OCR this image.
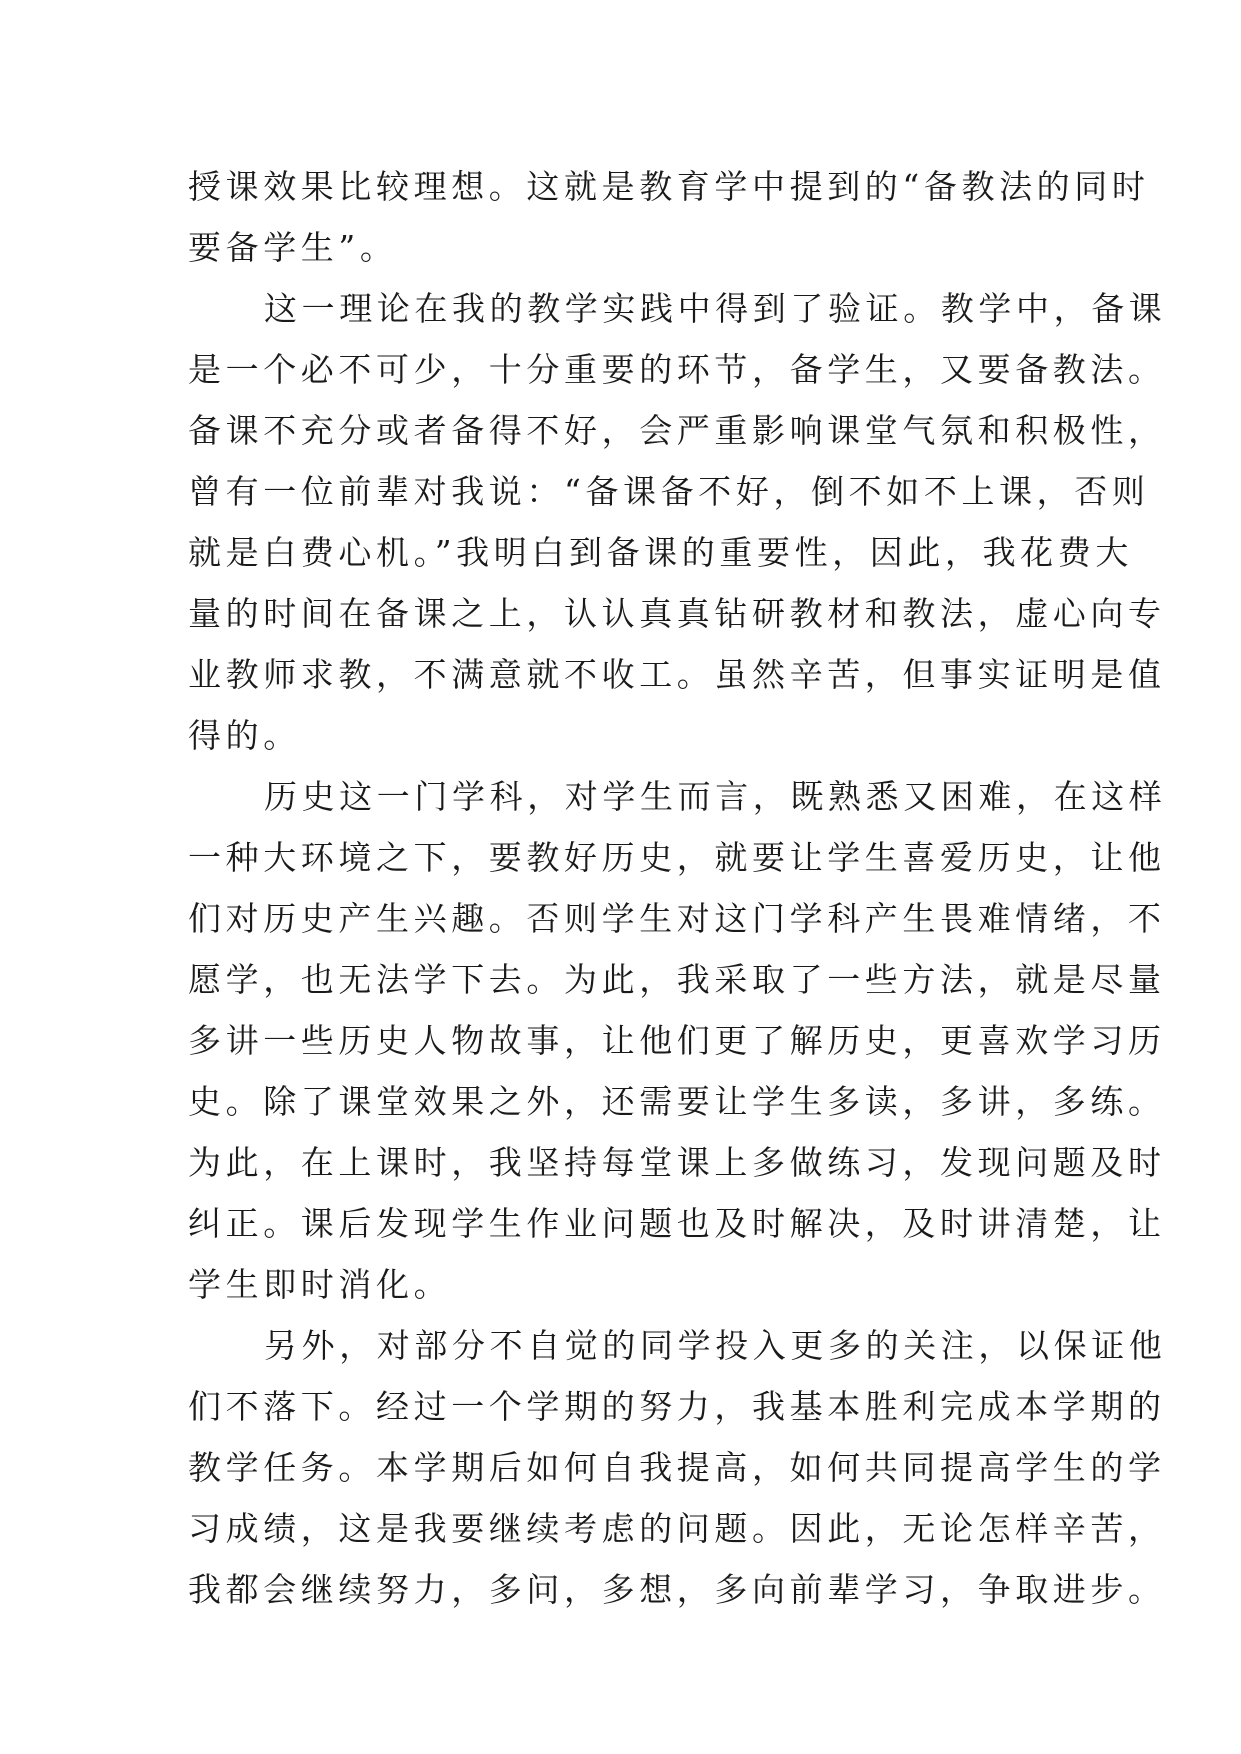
授课效果比较理想。这就是教育学中提到的“备教法的同时
要备学生”。
这一理论在我的教学实践中得到了验证。教学中，备课
是一个必不可少，十分重要的环节，备学生，又要备教法。
备课不充分或者备得不好，会严重影响课堂气氛和积极性，
曾有一位前辈对我说：“备课备不好，倒不如不上课，否则
就是白费心机。”我明白到备课的重要性，因此，我花费大
量的时间在备课之上，认认真真钻研教材和教法，虚心向专
业教师求教，不满意就不收工。虽然辛苦，但事实证明是值
得的。
历史这一门学科，对学生而言，既熟悉又困难，在这样
一种大环境之下，要教好历史，就要让学生喜爱历史，让他
们对历史产生兴趣。否则学生对这门学科产生畏难情绪，不
愿学，也无法学下去。为此，我采取了一些方法，就是尽量
多讲一些历史人物故事，让他们更了解历史，更喜欢学习历
史。除了课堂效果之外，还需要让学生多读，多讲，多练。
为此，在上课时，我坚持每堂课上多做练习，发现问题及时
纠正。课后发现学生作业问题也及时解决，及时讲清楚，让
学生即时消化。
另外，对部分不自觉的同学投入更多的关注，以保证他
们不落下。经过一个学期的努力，我基本胜利完成本学期的
教学任务。本学期后如何自我提高，如何共同提高学生的学
习成绩，这是我要继续考虑的问题。因此，无论怎样辛苦，
我都会继续努力，多问，多想，多向前辈学习，争取进步。
